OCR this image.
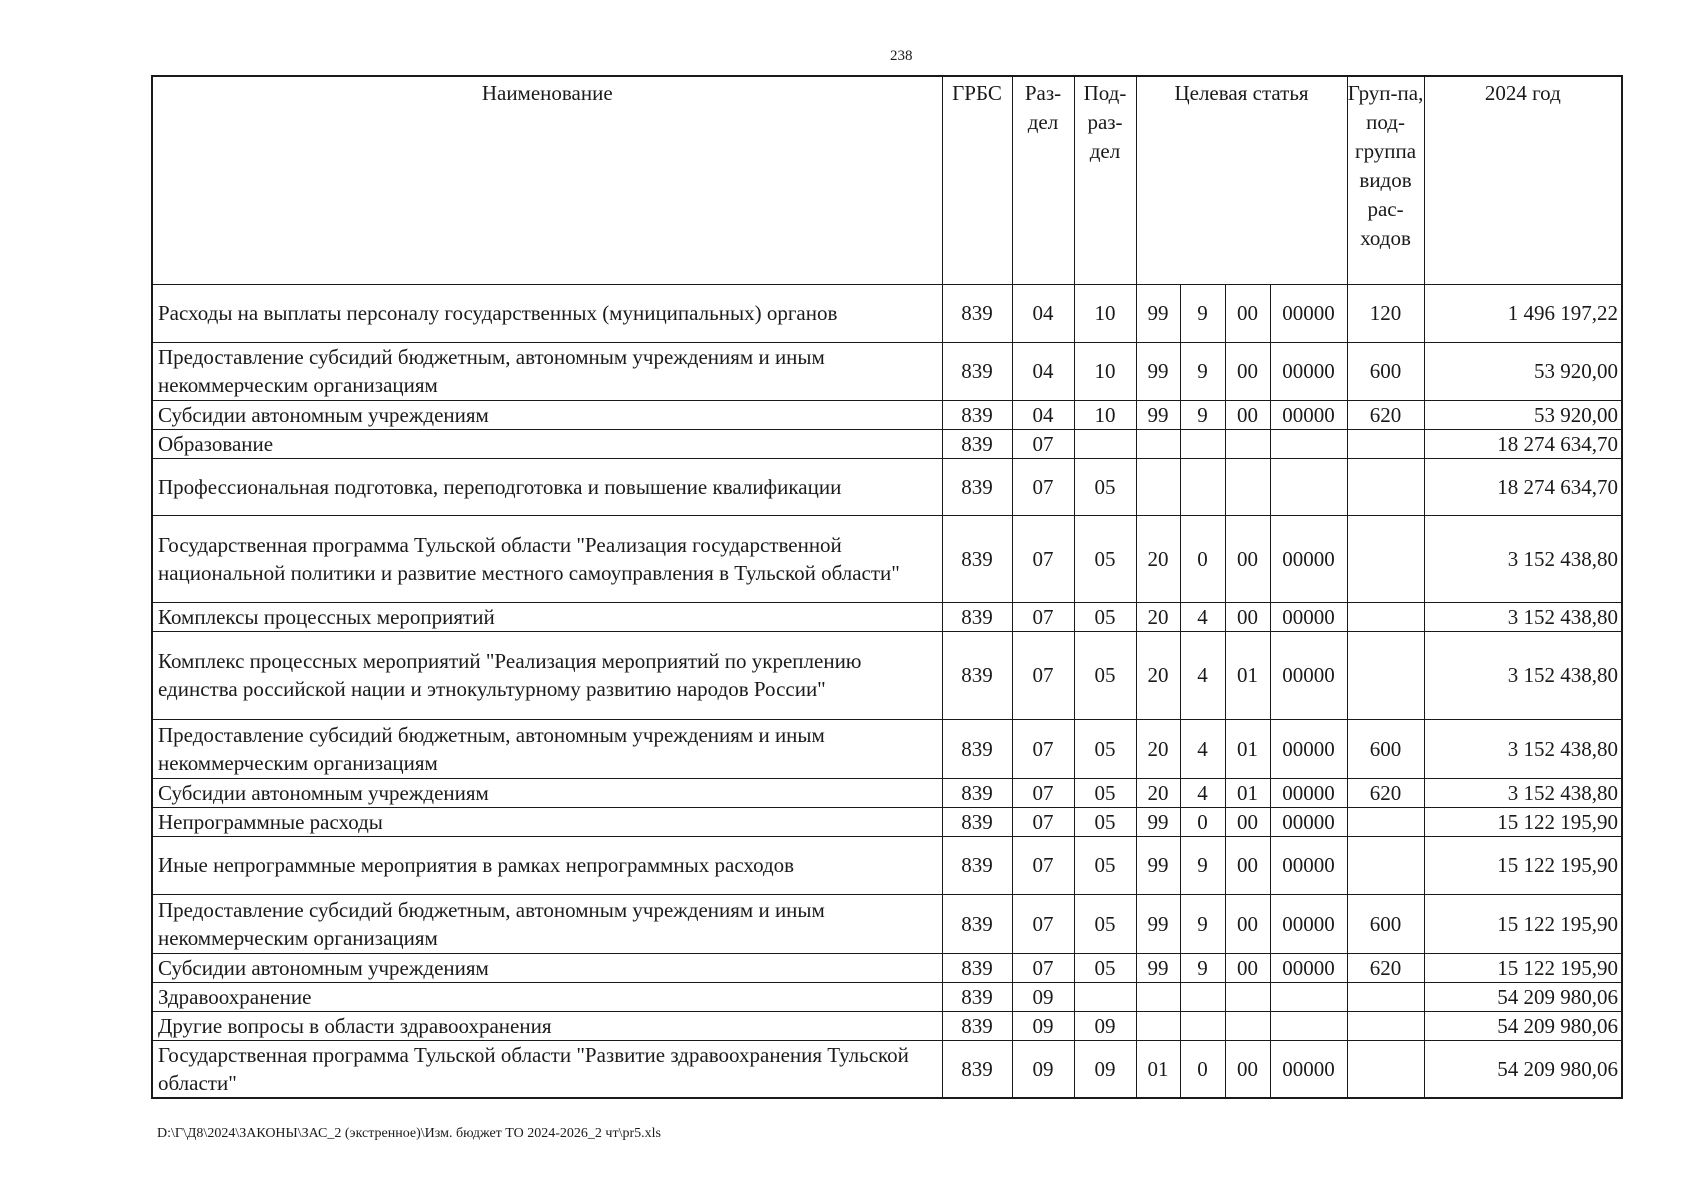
238
Наименование	ГРБС	Раз-дел	Под-раз-дел	Целевая статья				Груп-па, под-группа видов рас-ходов	2024 год
Расходы на выплаты персоналу государственных (муниципальных) органов	839	04	10	99	9	00	00000	120	1 496 197,22
Предоставление субсидий бюджетным, автономным учреждениям и иным некоммерческим организациям	839	04	10	99	9	00	00000	600	53 920,00
Субсидии автономным учреждениям	839	04	10	99	9	00	00000	620	53 920,00
Образование	839	07							18 274 634,70
Профессиональная подготовка, переподготовка и повышение квалификации	839	07	05						18 274 634,70
Государственная программа Тульской области "Реализация государственной национальной политики и развитие местного самоуправления в Тульской области"	839	07	05	20	0	00	00000		3 152 438,80
Комплексы процессных мероприятий	839	07	05	20	4	00	00000		3 152 438,80
Комплекс процессных мероприятий "Реализация мероприятий по укреплению единства российской нации и этнокультурному развитию народов России"	839	07	05	20	4	01	00000		3 152 438,80
Предоставление субсидий бюджетным, автономным учреждениям и иным некоммерческим организациям	839	07	05	20	4	01	00000	600	3 152 438,80
Субсидии автономным учреждениям	839	07	05	20	4	01	00000	620	3 152 438,80
Непрограммные расходы	839	07	05	99	0	00	00000		15 122 195,90
Иные непрограммные мероприятия в рамках непрограммных расходов	839	07	05	99	9	00	00000		15 122 195,90
Предоставление субсидий бюджетным, автономным учреждениям и иным некоммерческим организациям	839	07	05	99	9	00	00000	600	15 122 195,90
Субсидии автономным учреждениям	839	07	05	99	9	00	00000	620	15 122 195,90
Здравоохранение	839	09							54 209 980,06
Другие вопросы в области здравоохранения	839	09	09						54 209 980,06
Государственная программа Тульской области "Развитие здравоохранения Тульской области"	839	09	09	01	0	00	00000		54 209 980,06
D:\Г\Д8\2024\ЗАКОНЫ\ЗАС_2 (экстренное)\Изм. бюджет ТО 2024-2026_2 чт\pr5.xls
